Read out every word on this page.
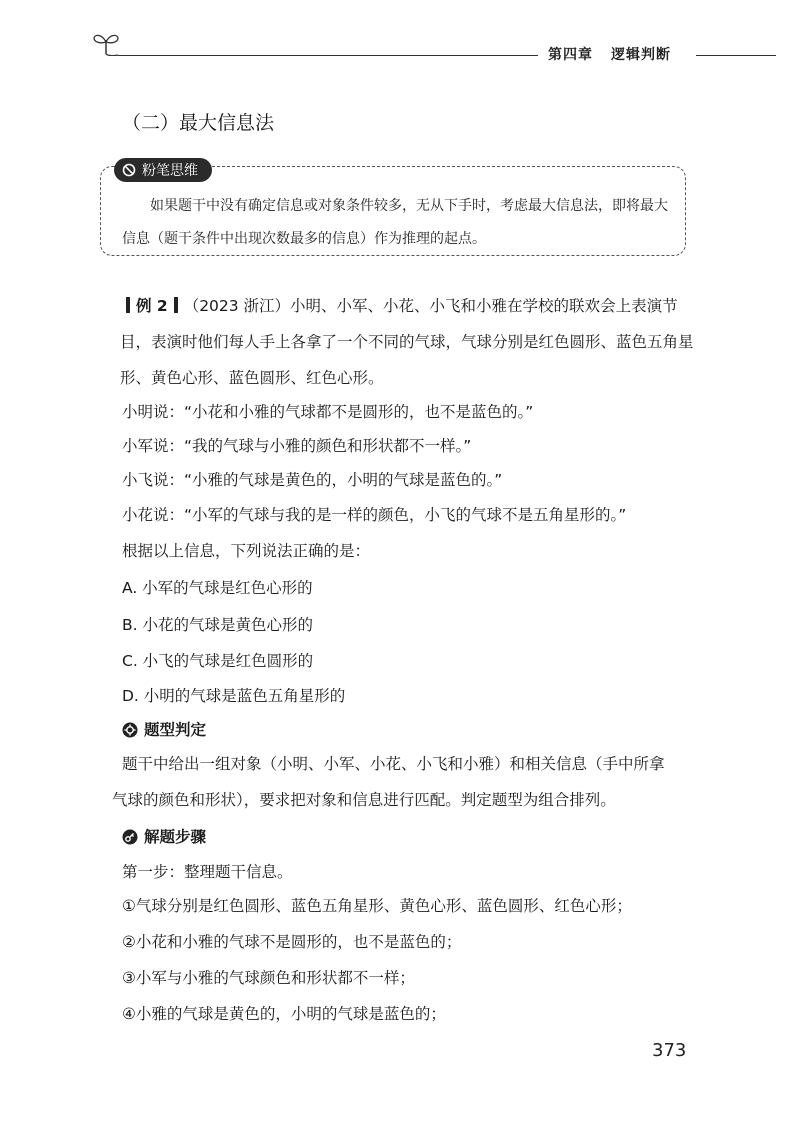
第四章 逻辑判断
（二）最大信息法
粉笔思维
如果题干中没有确定信息或对象条件较多，无从下手时，考虑最大信息法，即将最大信息（题干条件中出现次数最多的信息）作为推理的起点。

例 2 （2023 浙江）小明、小军、小花、小飞和小雅在学校的联欢会上表演节目，表演时他们每人手上各拿了一个不同的气球，气球分别是红色圆形、蓝色五角星形、黄色心形、蓝色圆形、红色心形。

小明说：“小花和小雅的气球都不是圆形的，也不是蓝色的。”
小军说：“我的气球与小雅的颜色和形状都不一样。”
小飞说：“小雅的气球是黄色的，小明的气球是蓝色的。”
小花说：“小军的气球与我的是一样的颜色，小飞的气球不是五角星形的。”
根据以上信息，下列说法正确的是：
A. 小军的气球是红色心形的
B. 小花的气球是黄色心形的
C. 小飞的气球是红色圆形的
D. 小明的气球是蓝色五角星形的
题型判定
题干中给出一组对象（小明、小军、小花、小飞和小雅）和相关信息（手中所拿
气球的颜色和形状），要求把对象和信息进行匹配。判定题型为组合排列。
解题步骤
第一步：整理题干信息。
①气球分别是红色圆形、蓝色五角星形、黄色心形、蓝色圆形、红色心形；
②小花和小雅的气球不是圆形的，也不是蓝色的；
③小军与小雅的气球颜色和形状都不一样；
④小雅的气球是黄色的，小明的气球是蓝色的；
373
